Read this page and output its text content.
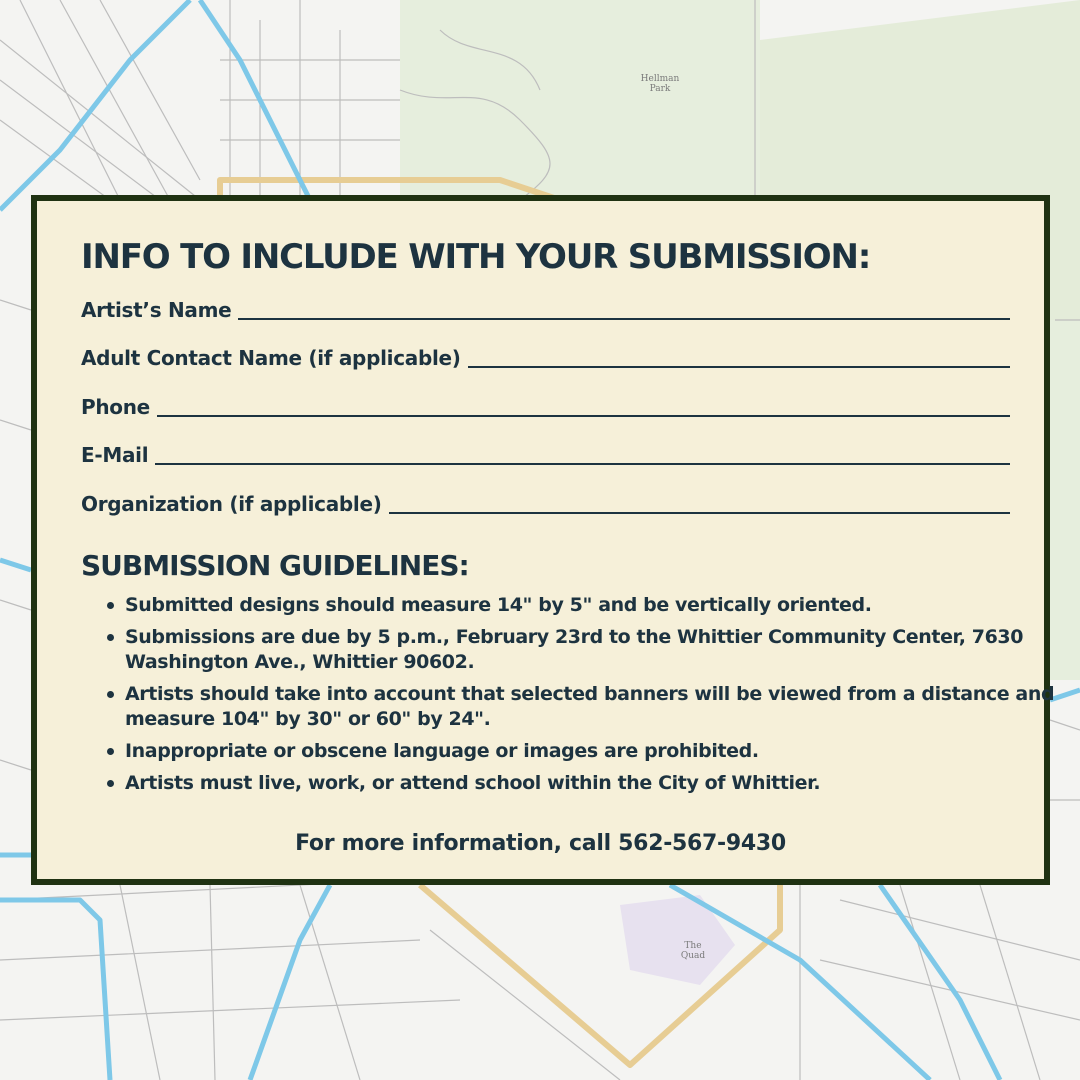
Hellman
Park
The
Quad
INFO TO INCLUDE WITH YOUR SUBMISSION:
Artist’s Name
Adult Contact Name (if applicable)
Phone
E-Mail
Organization (if applicable)
SUBMISSION GUIDELINES:
Submitted designs should measure 14" by 5" and be vertically oriented.
Submissions are due by 5 p.m., February 23rd to the Whittier Community Center, 7630 Washington Ave., Whittier 90602.
Artists should take into account that selected banners will be viewed from a distance and measure 104" by 30" or 60" by 24".
Inappropriate or obscene language or images are prohibited.
Artists must live, work, or attend school within the City of Whittier.
For more information, call 562-567-9430
